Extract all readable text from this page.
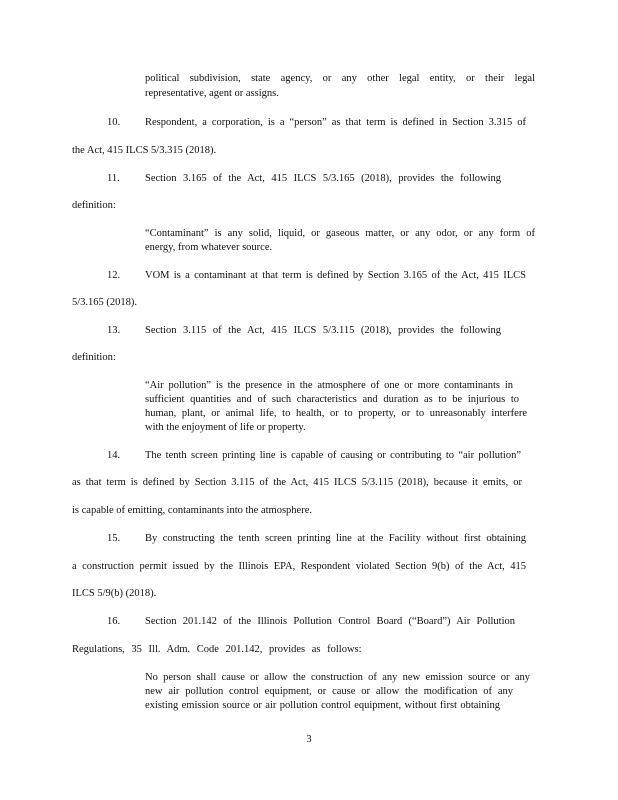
political subdivision, state agency, or any other legal entity, or their legal
representative, agent or assigns.
10. Respondent, a corporation, is a “person” as that term is defined in Section 3.315 of
the Act, 415 ILCS 5/3.315 (2018).
11. Section 3.165 of the Act, 415 ILCS 5/3.165 (2018), provides the following
definition:
“Contaminant” is any solid, liquid, or gaseous matter, or any odor, or any form of
energy, from whatever source.
12. VOM is a contaminant at that term is defined by Section 3.165 of the Act, 415 ILCS
5/3.165 (2018).
13. Section 3.115 of the Act, 415 ILCS 5/3.115 (2018), provides the following
definition:
“Air pollution” is the presence in the atmosphere of one or more contaminants in
sufficient quantities and of such characteristics and duration as to be injurious to
human, plant, or animal life, to health, or to property, or to unreasonably interfere
with the enjoyment of life or property.
14. The tenth screen printing line is capable of causing or contributing to “air pollution”
as that term is defined by Section 3.115 of the Act, 415 ILCS 5/3.115 (2018), because it emits, or
is capable of emitting, contaminants into the atmosphere.
15. By constructing the tenth screen printing line at the Facility without first obtaining
a construction permit issued by the Illinois EPA, Respondent violated Section 9(b) of the Act, 415
ILCS 5/9(b) (2018).
16. Section 201.142 of the Illinois Pollution Control Board (“Board”) Air Pollution
Regulations, 35 Ill. Adm. Code 201.142, provides as follows:
No person shall cause or allow the construction of any new emission source or any
new air pollution control equipment, or cause or allow the modification of any
existing emission source or air pollution control equipment, without first obtaining
3
